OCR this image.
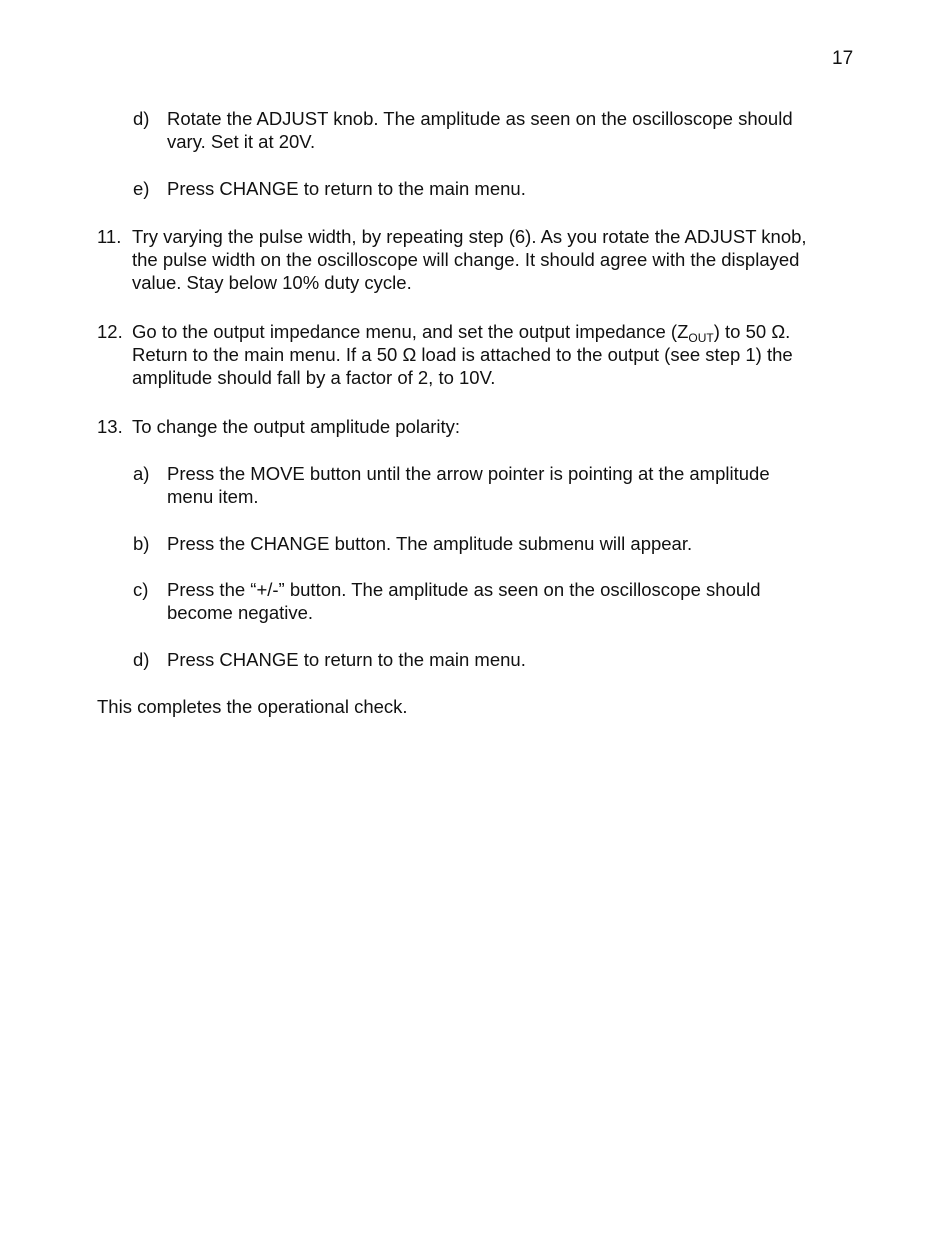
17
d) Rotate the ADJUST knob. The amplitude as seen on the oscilloscope should
vary. Set it at 20V.
e) Press CHANGE to return to the main menu.
11. Try varying the pulse width, by repeating step (6). As you rotate the ADJUST knob,
the pulse width on the oscilloscope will change. It should agree with the displayed
value. Stay below 10% duty cycle.
12. Go to the output impedance menu, and set the output impedance $(Z_{OUT})$ to 50 Ω.
Return to the main menu. If a 50 Ω load is attached to the output (see step 1) the
amplitude should fall by a factor of 2, to 10V.
13. To change the output amplitude polarity:
a) Press the MOVE button until the arrow pointer is pointing at the amplitude
menu item.
b) Press the CHANGE button. The amplitude submenu will appear.
c) Press the “+/-” button. The amplitude as seen on the oscilloscope should
become negative.
d) Press CHANGE to return to the main menu.
This completes the operational check.
